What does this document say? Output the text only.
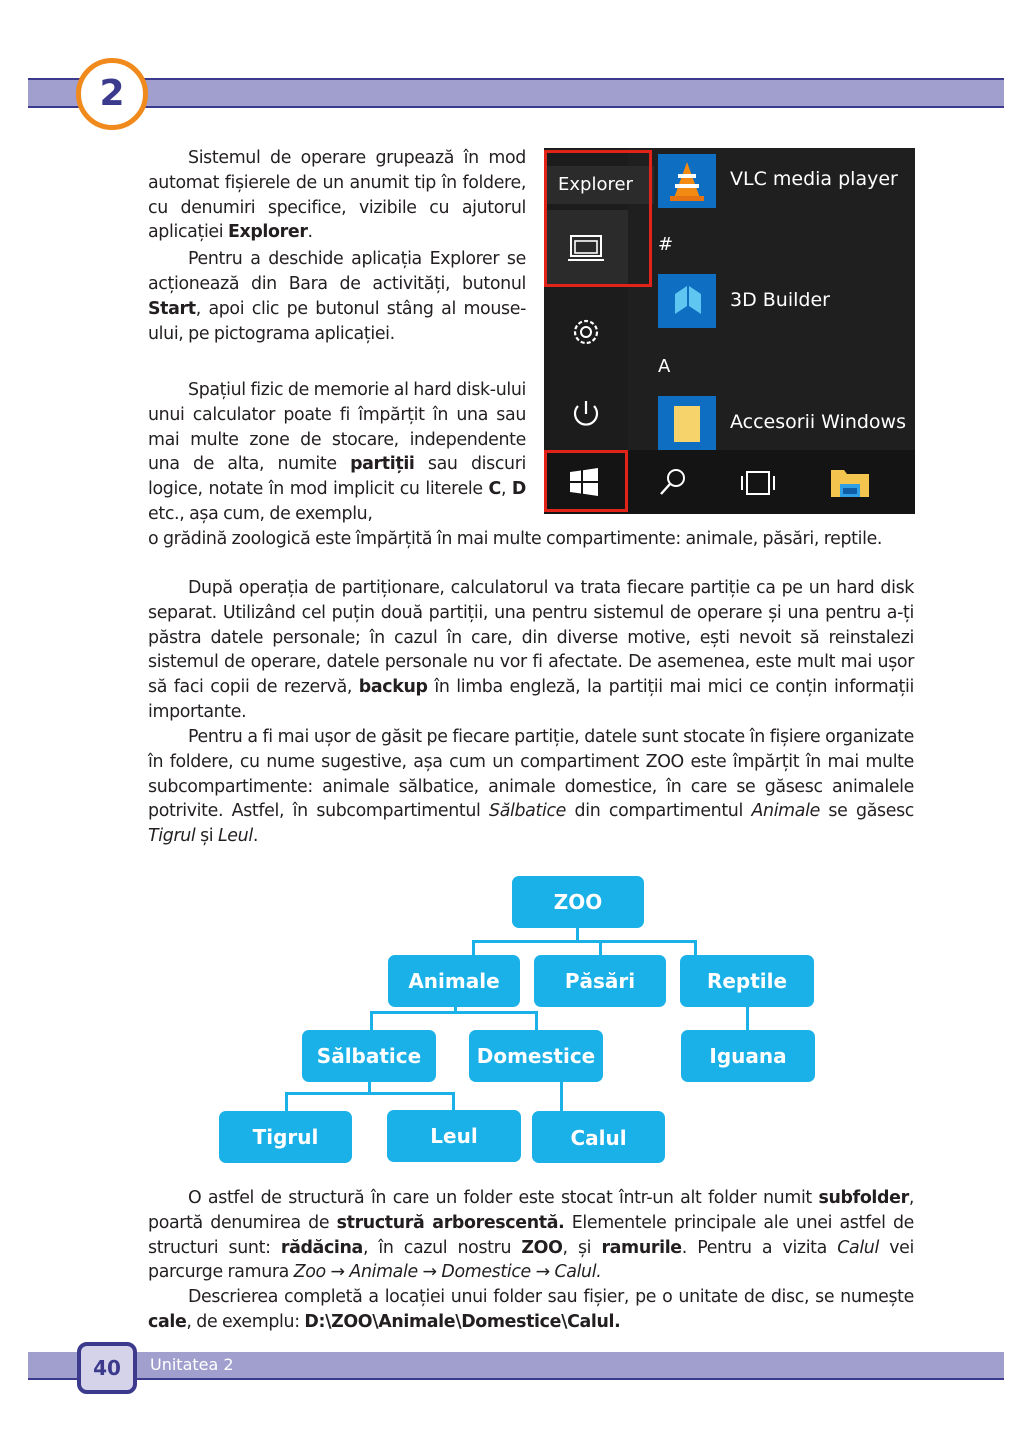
2
Sistemul de operare grupează în mod automat fișierele de un anumit tip în foldere, cu denumiri specifice, vizibile cu ajutorul aplicației Explorer.
Pentru a deschide aplicația Explorer se acționează din Bara de activități, butonul Start, apoi clic pe butonul stâng al mouse-ului, pe pictograma aplicației.
Spațiul fizic de memorie al hard disk-ului unui calculator poate fi împărțit în una sau mai multe zone de stocare, independente una de alta, numite partiții sau discuri logice, notate în mod implicit cu literele C, D etc., așa cum, de exemplu,
Explorer	VLC media player
#
3D Builder
A
Accesorii Windows
o grădină zoologică este împărțită în mai multe compartimente: animale, păsări, reptile.
După operația de partiționare, calculatorul va trata fiecare partiție ca pe un hard disk separat. Utilizând cel puțin două partiții, una pentru sistemul de operare și una pentru a-ți păstra datele personale; în cazul în care, din diverse motive, ești nevoit să reinstalezi sistemul de operare, datele personale nu vor fi afectate. De asemenea, este mult mai ușor să faci copii de rezervă, backup în limba engleză, la partiții mai mici ce conțin informații importante.
Pentru a fi mai ușor de găsit pe fiecare partiție, datele sunt stocate în fișiere organizate în foldere, cu nume sugestive, așa cum un compartiment ZOO este împărțit în mai multe subcompartimente: animale sălbatice, animale domestice, în care se găsesc animalele potrivite. Astfel, în subcompartimentul Sălbatice din compartimentul Animale se găsesc Tigrul și Leul.
ZOO
Animale	Păsări	Reptile
Sălbatice	Domestice	Iguana
Tigrul	Leul	Calul
O astfel de structură în care un folder este stocat într-un alt folder numit subfolder, poartă denumirea de structură arborescentă. Elementele principale ale unei astfel de structuri sunt: rădăcina, în cazul nostru ZOO, și ramurile. Pentru a vizita Calul vei parcurge ramura Zoo → Animale → Domestice → Calul.
Descrierea completă a locației unui folder sau fișier, pe o unitate de disc, se numește cale, de exemplu: D:\ZOO\Animale\Domestice\Calul.
40	Unitatea 2
